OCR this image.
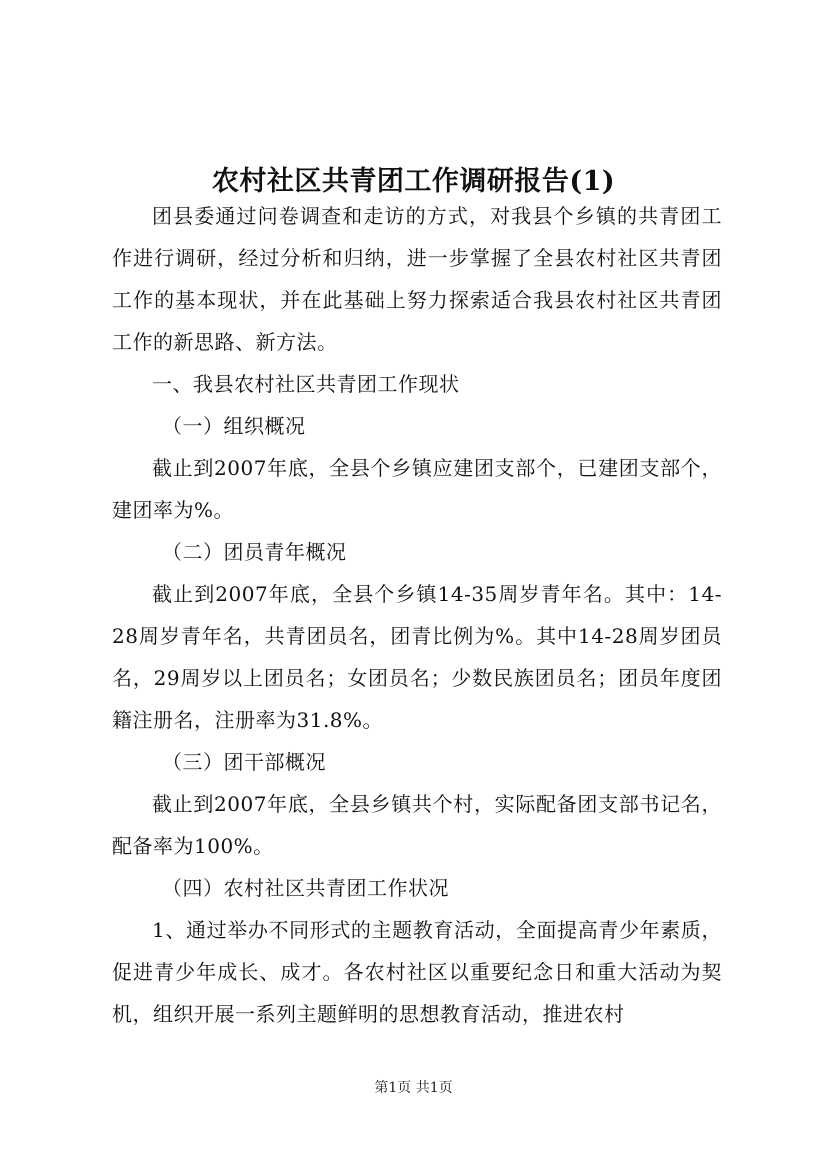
农村社区共青团工作调研报告(1)

团县委通过问卷调查和走访的方式，对我县个乡镇的共青团工作进行调研，经过分析和归纳，进一步掌握了全县农村社区共青团工作的基本现状，并在此基础上努力探索适合我县农村社区共青团工作的新思路、新方法。

一、我县农村社区共青团工作现状

（一）组织概况

截止到2007年底，全县个乡镇应建团支部个，已建团支部个，建团率为%。

（二）团员青年概况

截止到2007年底，全县个乡镇14-35周岁青年名。其中：14-28周岁青年名，共青团员名，团青比例为%。其中14-28周岁团员名，29周岁以上团员名；女团员名；少数民族团员名；团员年度团籍注册名，注册率为31.8%。

（三）团干部概况

截止到2007年底，全县乡镇共个村，实际配备团支部书记名，配备率为100%。

（四）农村社区共青团工作状况

1、通过举办不同形式的主题教育活动，全面提高青少年素质，促进青少年成长、成才。各农村社区以重要纪念日和重大活动为契机，组织开展一系列主题鲜明的思想教育活动，推进农村

第1页 共1页
